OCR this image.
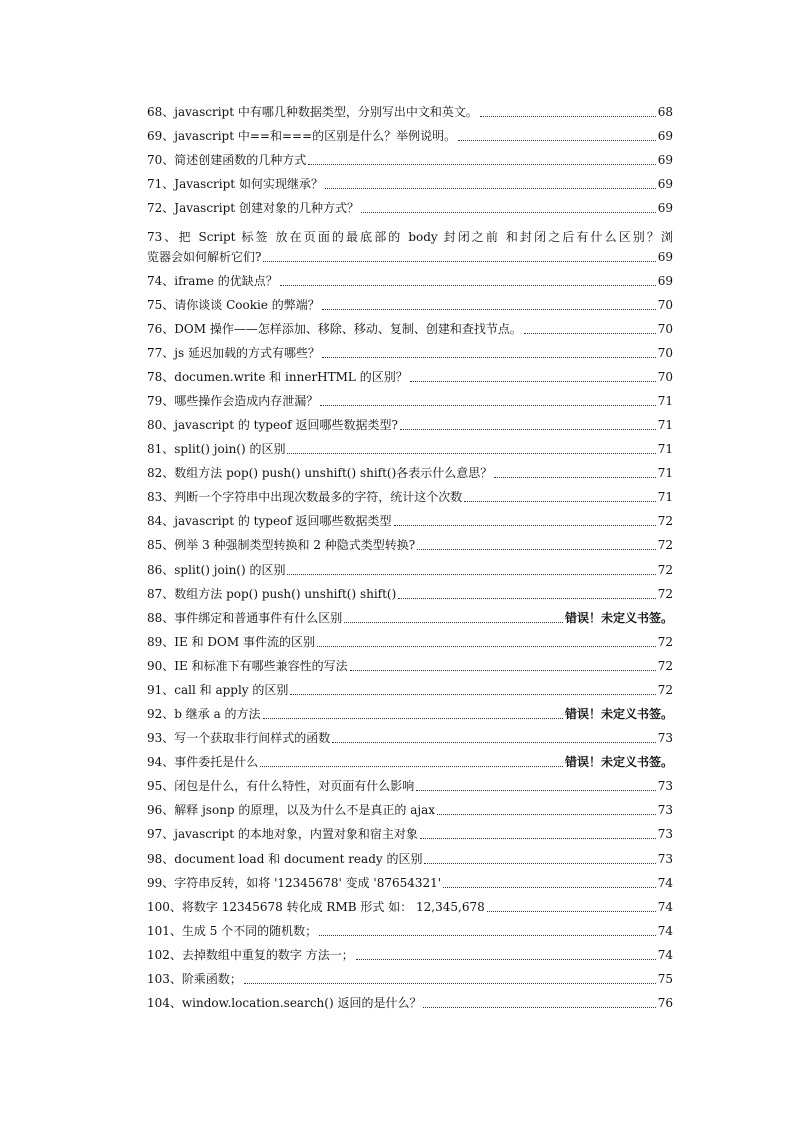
​
68、javascript 中有哪几种数据类型，分别写出中文和英文。	68
69、javascript 中==和===的区别是什么？举例说明。	69
70、简述创建函数的几种方式	69
71、Javascript 如何实现继承？	69
72、Javascript 创建对象的几种方式？	69
73、把 Script 标签 放在页面的最底部的 body 封闭之前 和封闭之后有什么区别？浏
览器会如何解析它们?	69
74、iframe 的优缺点？	69
75、请你谈谈 Cookie 的弊端？	70
76、DOM 操作——怎样添加、移除、移动、复制、创建和查找节点。	70
77、js 延迟加载的方式有哪些？	70
78、documen.write 和 innerHTML 的区别？	70
79、哪些操作会造成内存泄漏？	71
80、javascript 的 typeof 返回哪些数据类型?	71
81、split() join() 的区别	71
82、数组方法 pop() push() unshift() shift()各表示什么意思？	71
83、判断一个字符串中出现次数最多的字符，统计这个次数	71
84、javascript 的 typeof 返回哪些数据类型	72
85、例举 3 种强制类型转换和 2 种隐式类型转换?	72
86、split() join() 的区别	72
87、数组方法 pop() push() unshift() shift()	72
88、事件绑定和普通事件有什么区别	错误！未定义书签。
89、IE 和 DOM 事件流的区别	72
90、IE 和标准下有哪些兼容性的写法	72
91、call 和 apply 的区别	72
92、b 继承 a 的方法	错误！未定义书签。
93、写一个获取非行间样式的函数	73
94、事件委托是什么	错误！未定义书签。
95、闭包是什么，有什么特性，对页面有什么影响	73
96、解释 jsonp 的原理，以及为什么不是真正的 ajax	73
97、javascript 的本地对象，内置对象和宿主对象	73
98、document load 和 document ready 的区别	73
99、字符串反转，如将 '12345678' 变成 '87654321'	74
100、将数字 12345678 转化成 RMB 形式 如： 12,345,678	74
101、生成 5 个不同的随机数；	74
102、去掉数组中重复的数字 方法一；	74
103、阶乘函数；	75
104、window.location.search() 返回的是什么？	76
